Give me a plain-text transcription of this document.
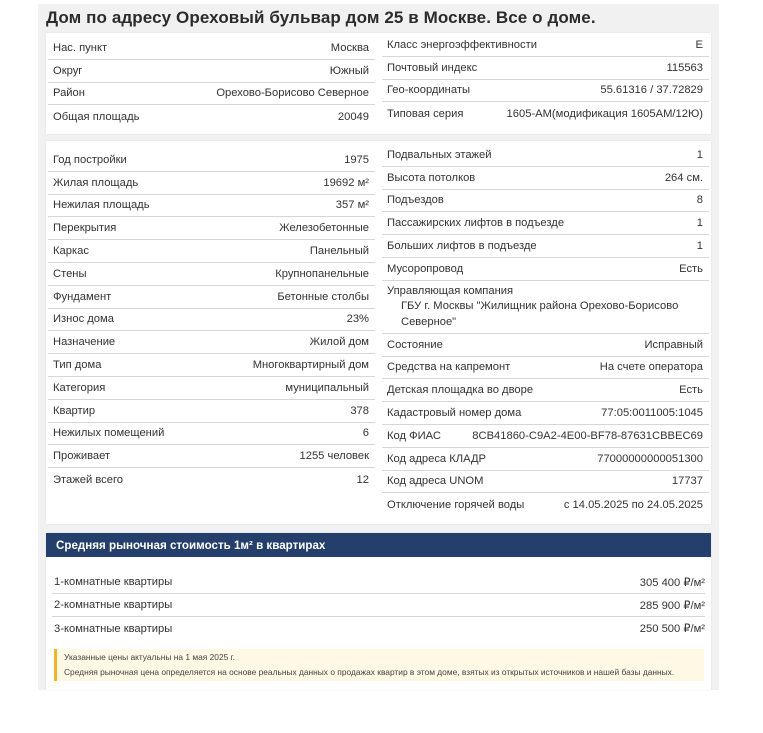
Дом по адресу Ореховый бульвар дом 25 в Москве. Все о доме.
Нас. пункт	Москва
Округ	Южный
Район	Орехово-Борисово Северное
Общая площадь	20049
Класс энергоэффективности	E
Почтовый индекс	115563
Гео-координаты	55.61316 / 37.72829
Типовая серия	1605-АМ(модификация 1605АМ/12Ю)
Год постройки	1975
Жилая площадь	19692 м²
Нежилая площадь	357 м²
Перекрытия	Железобетонные
Каркас	Панельный
Стены	Крупнопанельные
Фундамент	Бетонные столбы
Износ дома	23%
Назначение	Жилой дом
Тип дома	Многоквартирный дом
Категория	муниципальный
Квартир	378
Нежилых помещений	6
Проживает	1255 человек
Этажей всего	12
Подвальных этажей	1
Высота потолков	264 см.
Подъездов	8
Пассажирских лифтов в подъезде	1
Больших лифтов в подъезде	1
Мусоропровод	Есть
Управляющая компания
ГБУ г. Москвы "Жилищник района Орехово-Борисово Северное"
Состояние	Исправный
Средства на капремонт	На счете оператора
Детская площадка во дворе	Есть
Кадастровый номер дома	77:05:0011005:1045
Код ФИАС	8CB41860-C9A2-4E00-BF78-87631CBBEC69
Код адреса КЛАДР	77000000000051300
Код адреса UNOM	17737
Отключение горячей воды	с 14.05.2025 по 24.05.2025
Средняя рыночная стоимость 1м² в квартирах
1-комнатные квартиры	305 400 ₽/м²
2-комнатные квартиры	285 900 ₽/м²
3-комнатные квартиры	250 500 ₽/м²

Указанные цены актуальны на 1 мая 2025 г.

Средняя рыночная цена определяется на основе реальных данных о продажах квартир в этом доме, взятых из открытых источников и нашей базы данных.
